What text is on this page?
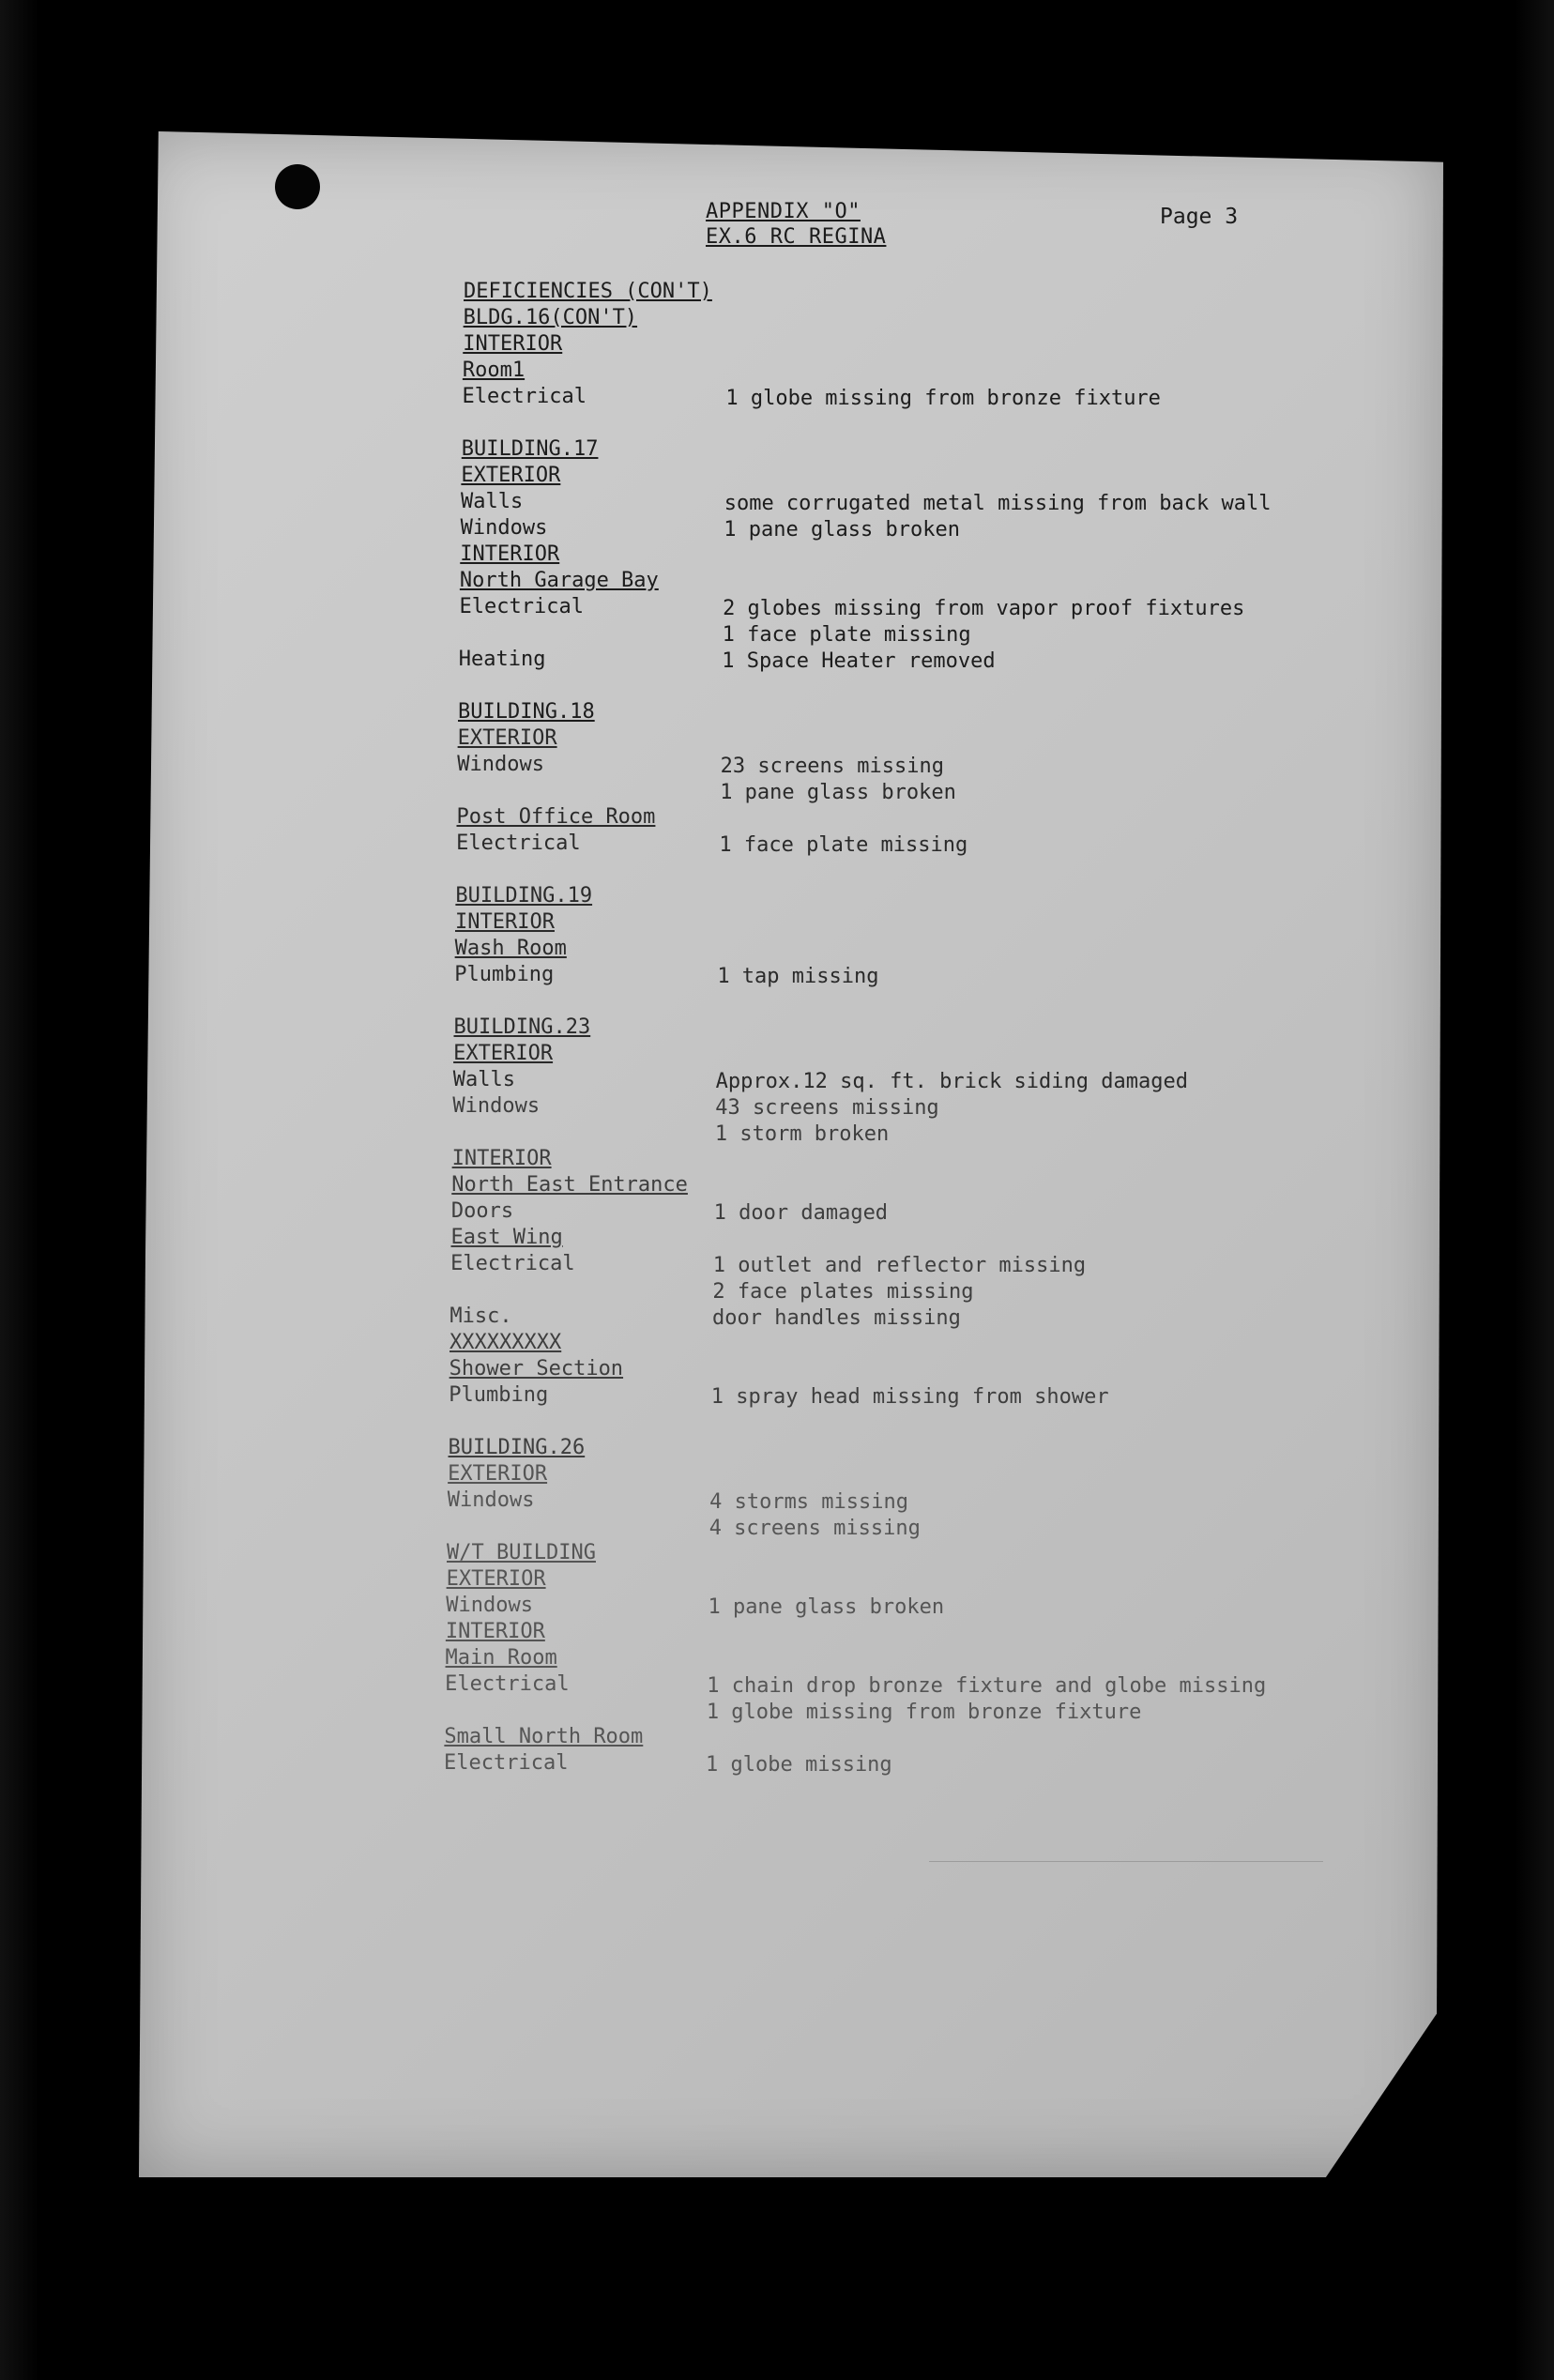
APPENDIX "O"
EX.6 RC REGINA
Page 3
DEFICIENCIES (CON'T)
BLDG.16(CON'T)
INTERIOR
Room1
Electrical	1 globe missing from bronze fixture
BUILDING.17
EXTERIOR
Walls	some corrugated metal missing from back wall
Windows	1 pane glass broken
INTERIOR
North Garage Bay
Electrical	2 globes missing from vapor proof fixtures
1 face plate missing
Heating	1 Space Heater removed
BUILDING.18
EXTERIOR
Windows	23 screens missing
1 pane glass broken
Post Office Room
Electrical	1 face plate missing
BUILDING.19
INTERIOR
Wash Room
Plumbing	1 tap missing
BUILDING.23
EXTERIOR
Walls	Approx.12 sq. ft. brick siding damaged
Windows	43 screens missing
1 storm broken
INTERIOR
North East Entrance
Doors	1 door damaged
East Wing
Electrical	1 outlet and reflector missing
2 face plates missing
Misc.	door handles missing
XXXXXXXXX
Shower Section
Plumbing	1 spray head missing from shower
BUILDING.26
EXTERIOR
Windows	4 storms missing
4 screens missing
W/T BUILDING
EXTERIOR
Windows	1 pane glass broken
INTERIOR
Main Room
Electrical	1 chain drop bronze fixture and globe missing
1 globe missing from bronze fixture
Small North Room
Electrical	1 globe missing
